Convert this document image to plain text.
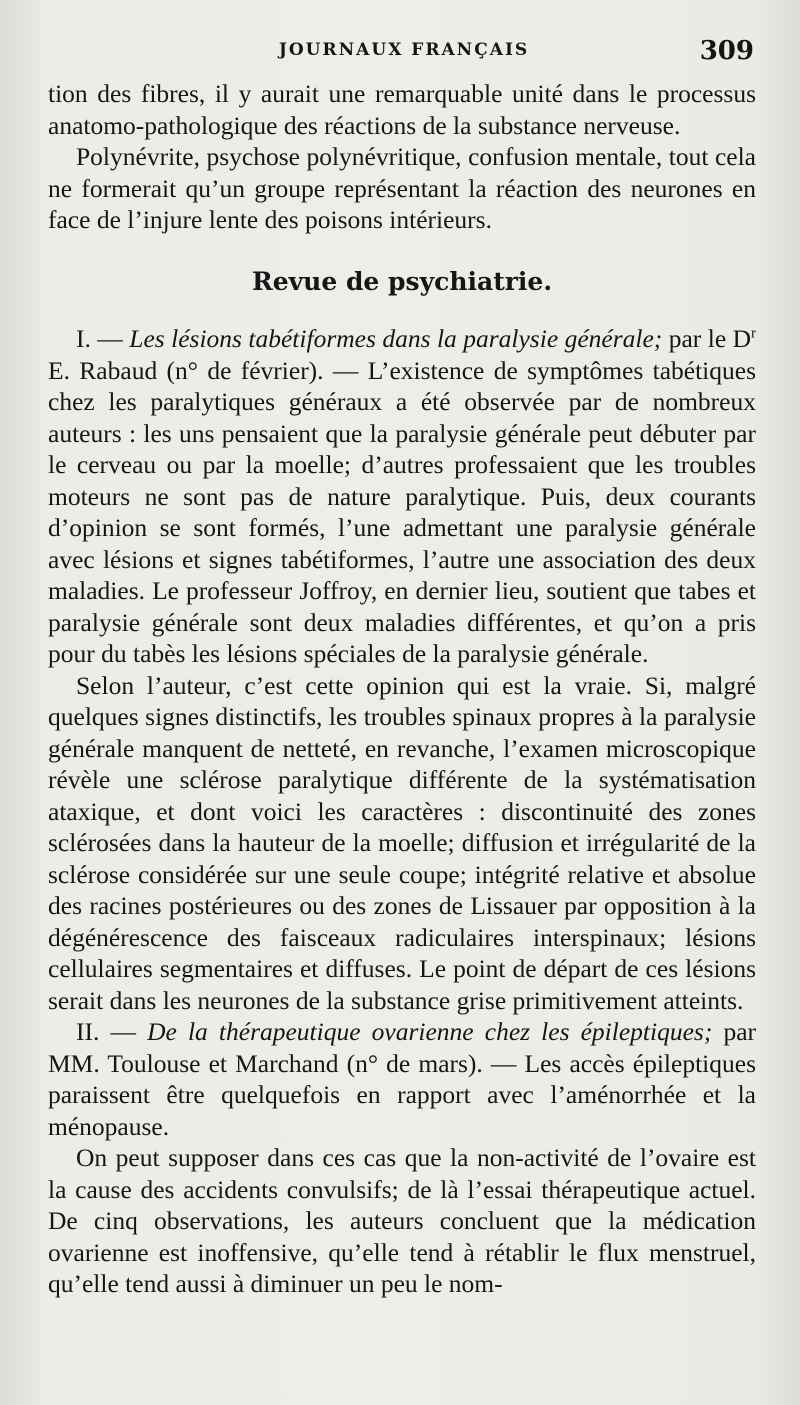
JOURNAUX FRANÇAIS	309

tion des fibres, il y aurait une remarquable unité dans le processus anatomo-pathologique des réactions de la substance nerveuse.

Polynévrite, psychose polynévritique, confusion mentale, tout cela ne formerait qu’un groupe représentant la réaction des neurones en face de l’injure lente des poisons intérieurs.

Revue de psychiatrie.

I. — Les lésions tabétiformes dans la paralysie générale; par le $D^r$ E. Rabaud (n° de février). — L’existence de symptômes tabétiques chez les paralytiques généraux a été observée par de nombreux auteurs : les uns pensaient que la paralysie générale peut débuter par le cerveau ou par la moelle; d’autres professaient que les troubles moteurs ne sont pas de nature paralytique. Puis, deux courants d’opinion se sont formés, l’une admettant une paralysie générale avec lésions et signes tabétiformes, l’autre une association des deux maladies. Le professeur Joffroy, en dernier lieu, soutient que tabes et paralysie générale sont deux maladies différentes, et qu’on a pris pour du tabès les lésions spéciales de la paralysie générale.

Selon l’auteur, c’est cette opinion qui est la vraie. Si, malgré quelques signes distinctifs, les troubles spinaux propres à la paralysie générale manquent de netteté, en revanche, l’examen microscopique révèle une sclérose paralytique différente de la systématisation ataxique, et dont voici les caractères : discontinuité des zones sclérosées dans la hauteur de la moelle; diffusion et irrégularité de la sclérose considérée sur une seule coupe; intégrité relative et absolue des racines postérieures ou des zones de Lissauer par opposition à la dégénérescence des faisceaux radiculaires interspinaux; lésions cellulaires segmentaires et diffuses. Le point de départ de ces lésions serait dans les neurones de la substance grise primitivement atteints.

II. — De la thérapeutique ovarienne chez les épileptiques; par MM. Toulouse et Marchand (n° de mars). — Les accès épileptiques paraissent être quelquefois en rapport avec l’aménorrhée et la ménopause.

On peut supposer dans ces cas que la non-activité de l’ovaire est la cause des accidents convulsifs; de là l’essai thérapeutique actuel. De cinq observations, les auteurs concluent que la médication ovarienne est inoffensive, qu’elle tend à rétablir le flux menstruel, qu’elle tend aussi à diminuer un peu le nom-
